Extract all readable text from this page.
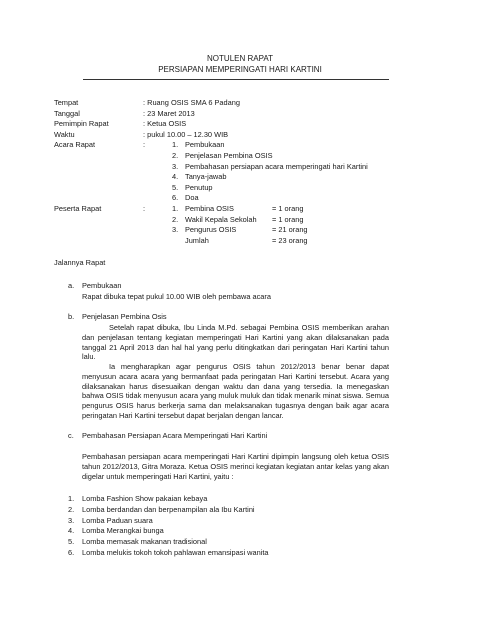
NOTULEN RAPAT
PERSIAPAN MEMPERINGATI HARI KARTINI
Tempat	: Ruang OSIS SMA 6 Padang
Tanggal	: 23 Maret 2013
Pemimpin Rapat	: Ketua OSIS
Waktu	: pukul 10.00 – 12.30 WIB
Acara Rapat	:	1. Pembukaan
2. Penjelasan Pembina OSIS
3. Pembahasan persiapan acara memperingati hari Kartini
4. Tanya-jawab
5. Penutup
6. Doa
Peserta Rapat	:	1. Pembina OSIS	= 1 orang
2. Wakil Kepala Sekolah = 1 orang
3. Pengurus OSIS	= 21 orang
Jumlah	= 23 orang
Jalannya Rapat
a. Pembukaan

Rapat dibuka tepat pukul 10.00 WIB oleh pembawa acara

b. Penjelasan Pembina Osis

Setelah rapat dibuka, Ibu Linda M.Pd. sebagai Pembina OSIS memberikan arahan dan penjelasan tentang kegiatan memperingati Hari Kartini yang akan dilaksanakan pada tanggal 21 April 2013 dan hal hal yang perlu ditingkatkan dari peringatan Hari Kartini tahun lalu.

Ia mengharapkan agar pengurus OSIS tahun 2012/2013 benar benar dapat menyusun acara acara yang bermanfaat pada peringatan Hari Kartini tersebut. Acara yang dilaksanakan harus disesuaikan dengan waktu dan dana yang tersedia. Ia menegaskan bahwa OSIS tidak menyusun acara yang muluk muluk dan tidak menarik minat siswa. Semua pengurus OSIS harus berkerja sama dan melaksanakan tugasnya dengan baik agar acara peringatan Hari Kartini tersebut dapat berjalan dengan lancar.

c. Pembahasan Persiapan Acara Memperingati Hari Kartini

Pembahasan persiapan acara memperingati Hari Kartini dipimpin langsung oleh ketua OSIS tahun 2012/2013, Gitra Moraza. Ketua OSIS merinci kegiatan kegiatan antar kelas yang akan digelar untuk memperingati Hari Kartini, yaitu :

1. Lomba Fashion Show pakaian kebaya
2. Lomba berdandan dan berpenampilan ala Ibu Kartini
3. Lomba Paduan suara
4. Lomba Merangkai bunga
5. Lomba memasak makanan tradisional
6. Lomba melukis tokoh tokoh pahlawan emansipasi wanita
